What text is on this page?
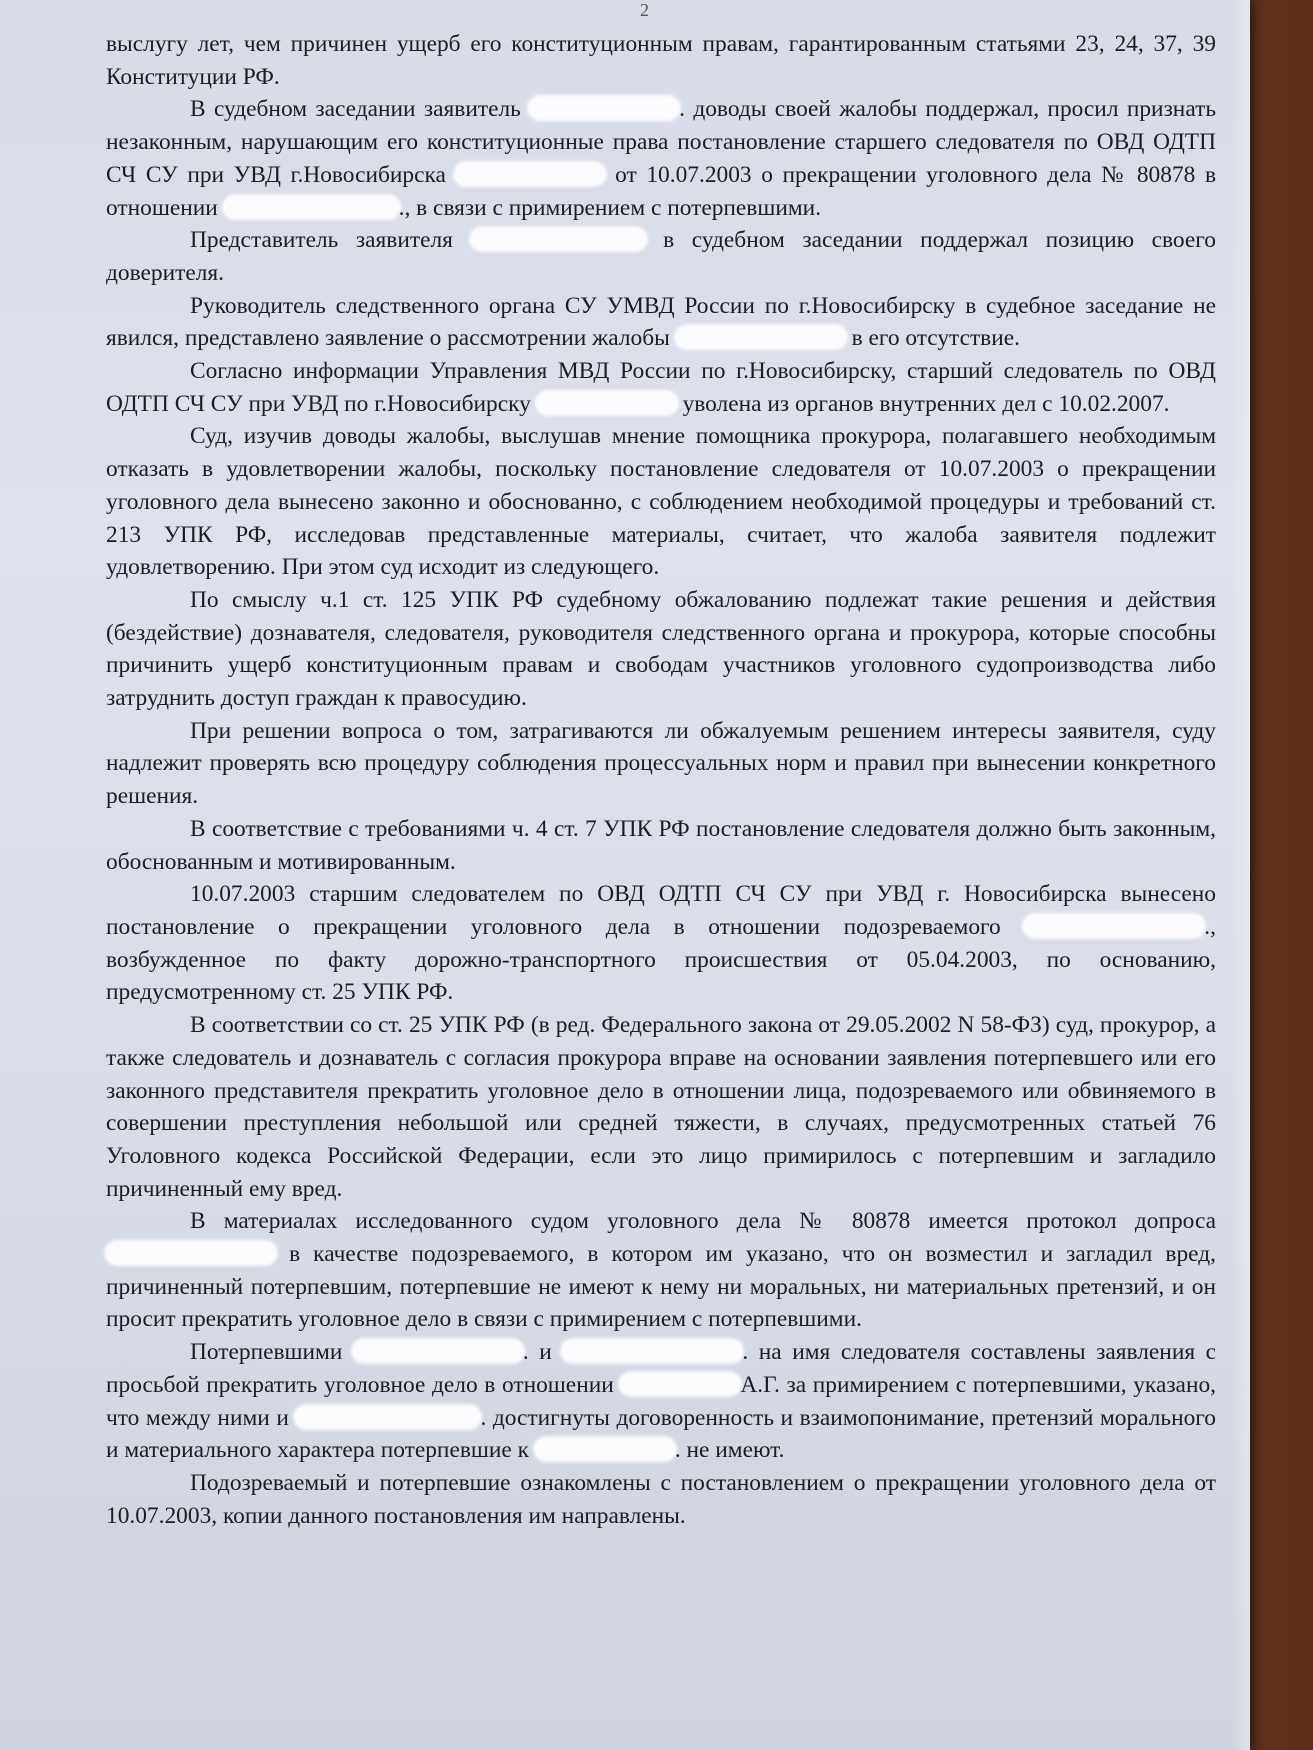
2

выслугу лет, чем причинен ущерб его конституционным правам, гарантированным статьями 23, 24, 37, 39 Конституции РФ.

В судебном заседании заявитель	. доводы своей жалобы поддержал, просил признать незаконным, нарушающим его конституционные права постановление старшего следователя по ОВД ОДТП СЧ СУ при УВД г.Новосибирска	от 10.07.2003 о прекращении уголовного дела № 80878 в отношении	., в связи с примирением с потерпевшими.

Представитель заявителя	в судебном заседании поддержал позицию своего доверителя.

Руководитель следственного органа СУ УМВД России по г.Новосибирску в судебное заседание не явился, представлено заявление о рассмотрении жалобы	в его отсутствие.

Согласно информации Управления МВД России по г.Новосибирску, старший следователь по ОВД ОДТП СЧ СУ при УВД по г.Новосибирску	уволена из органов внутренних дел с 10.02.2007.

Суд, изучив доводы жалобы, выслушав мнение помощника прокурора, полагавшего необходимым отказать в удовлетворении жалобы, поскольку постановление следователя от 10.07.2003 о прекращении уголовного дела вынесено законно и обоснованно, с соблюдением необходимой процедуры и требований ст. 213 УПК РФ, исследовав представленные материалы, считает, что жалоба заявителя подлежит удовлетворению. При этом суд исходит из следующего.

По смыслу ч.1 ст. 125 УПК РФ судебному обжалованию подлежат такие решения и действия (бездействие) дознавателя, следователя, руководителя следственного органа и прокурора, которые способны причинить ущерб конституционным правам и свободам участников уголовного судопроизводства либо затруднить доступ граждан к правосудию.

При решении вопроса о том, затрагиваются ли обжалуемым решением интересы заявителя, суду надлежит проверять всю процедуру соблюдения процессуальных норм и правил при вынесении конкретного решения.

В соответствие с требованиями ч. 4 ст. 7 УПК РФ постановление следователя должно быть законным, обоснованным и мотивированным.

10.07.2003 старшим следователем по ОВД ОДТП СЧ СУ при УВД г. Новосибирска вынесено постановление о прекращении уголовного дела в отношении подозреваемого	., возбужденное по факту дорожно-транспортного происшествия от 05.04.2003, по основанию, предусмотренному ст. 25 УПК РФ.

В соответствии со ст. 25 УПК РФ (в ред. Федерального закона от 29.05.2002 N 58-ФЗ) суд, прокурор, а также следователь и дознаватель с согласия прокурора вправе на основании заявления потерпевшего или его законного представителя прекратить уголовное дело в отношении лица, подозреваемого или обвиняемого в совершении преступления небольшой или средней тяжести, в случаях, предусмотренных статьей 76 Уголовного кодекса Российской Федерации, если это лицо примирилось с потерпевшим и загладило причиненный ему вред.

В материалах исследованного судом уголовного дела № 80878 имеется протокол допроса  в качестве подозреваемого, в котором им указано, что он возместил и загладил вред, причиненный потерпевшим, потерпевшие не имеют к нему ни моральных, ни материальных претензий, и он просит прекратить уголовное дело в связи с примирением с потерпевшими.

Потерпевшими	. и	. на имя следователя составлены заявления с просьбой прекратить уголовное дело в отношении	А.Г. за примирением с потерпевшими, указано, что между ними и	. достигнуты договоренность и взаимопонимание, претензий морального и материального характера потерпевшие к	. не имеют.

Подозреваемый и потерпевшие ознакомлены с постановлением о прекращении уголовного дела от 10.07.2003, копии данного постановления им направлены.
